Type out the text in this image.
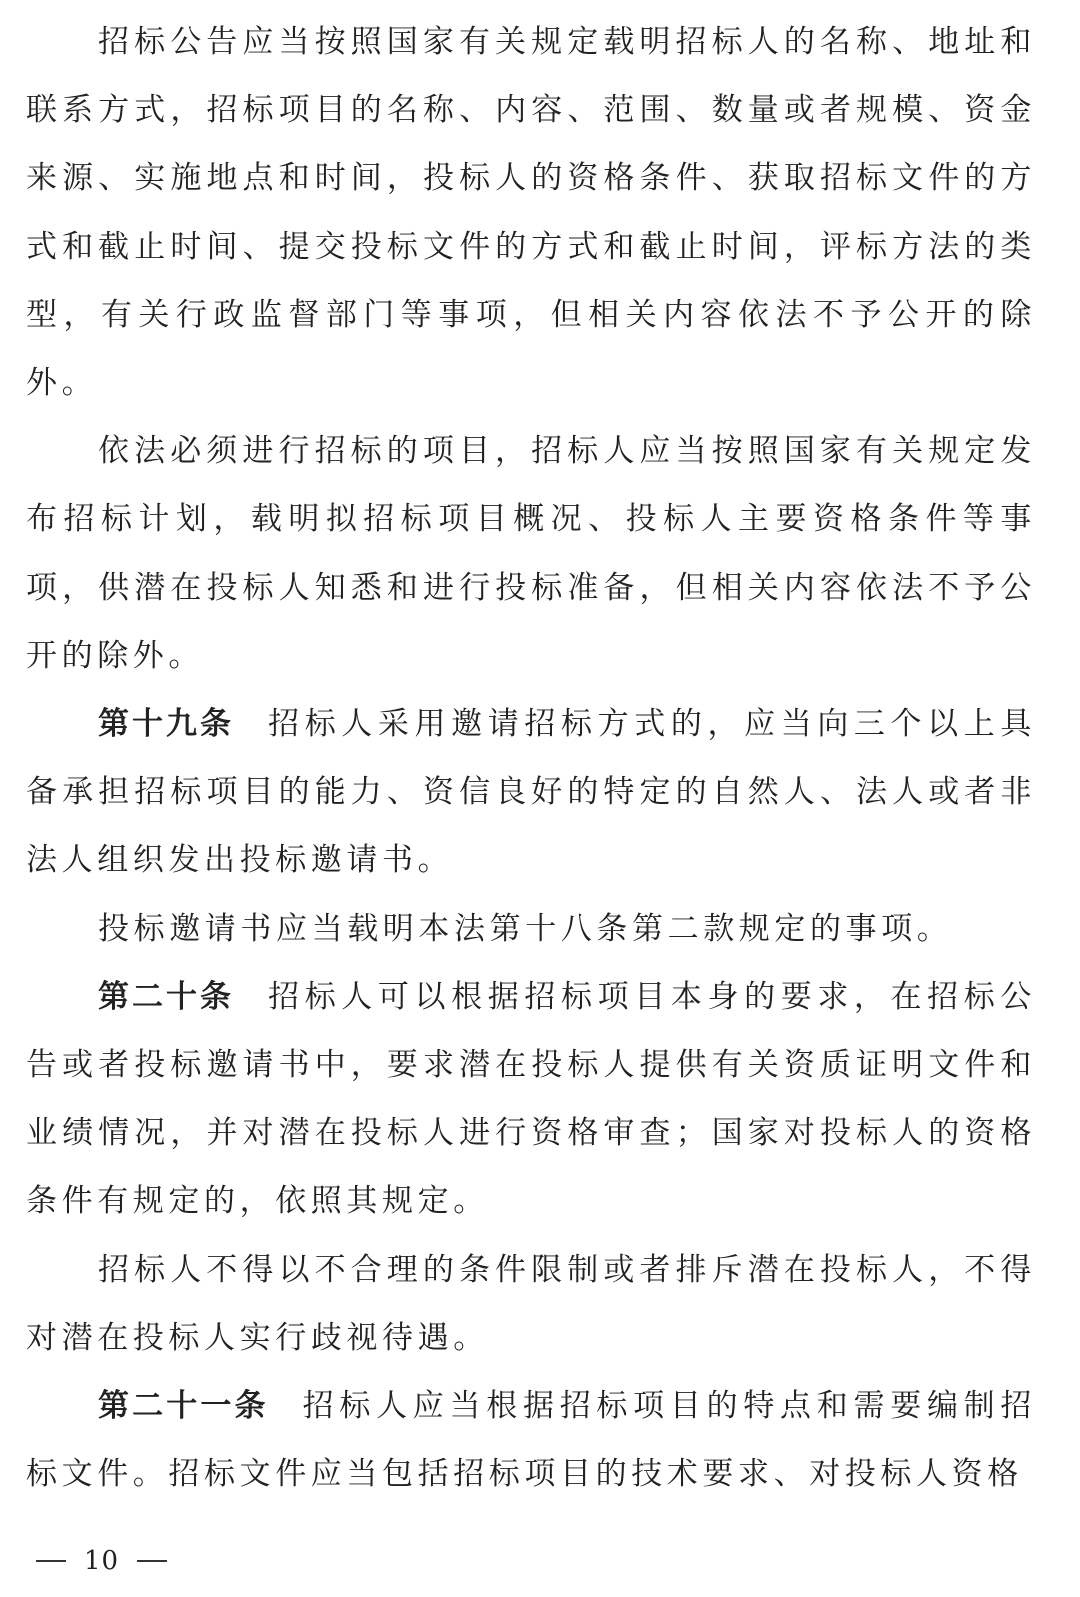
招标公告应当按照国家有关规定载明招标人的名称、地址和联系方式，招标项目的名称、内容、范围、数量或者规模、资金来源、实施地点和时间，投标人的资格条件、获取招标文件的方式和截止时间、提交投标文件的方式和截止时间，评标方法的类型，有关行政监督部门等事项，但相关内容依法不予公开的除外。

依法必须进行招标的项目，招标人应当按照国家有关规定发布招标计划，载明拟招标项目概况、投标人主要资格条件等事项，供潜在投标人知悉和进行投标准备，但相关内容依法不予公开的除外。

第十九条 招标人采用邀请招标方式的，应当向三个以上具备承担招标项目的能力、资信良好的特定的自然人、法人或者非法人组织发出投标邀请书。

投标邀请书应当载明本法第十八条第二款规定的事项。

第二十条 招标人可以根据招标项目本身的要求，在招标公告或者投标邀请书中，要求潜在投标人提供有关资质证明文件和业绩情况，并对潜在投标人进行资格审查；国家对投标人的资格条件有规定的，依照其规定。

招标人不得以不合理的条件限制或者排斥潜在投标人，不得对潜在投标人实行歧视待遇。

第二十一条 招标人应当根据招标项目的特点和需要编制招标文件。招标文件应当包括招标项目的技术要求、对投标人资格

10
